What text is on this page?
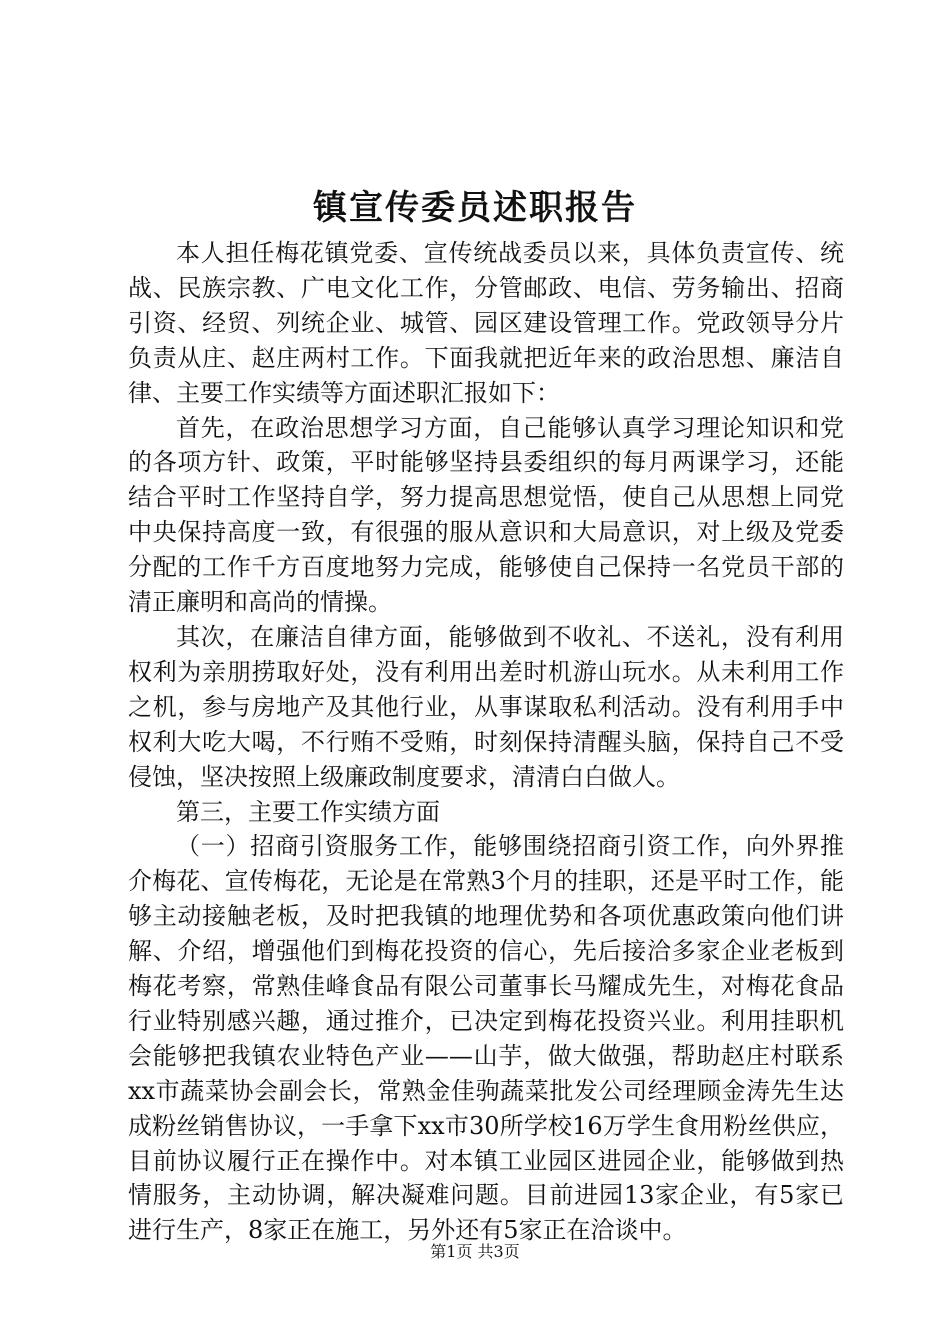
镇宣传委员述职报告

本人担任梅花镇党委、宣传统战委员以来，具体负责宣传、统战、民族宗教、广电文化工作，分管邮政、电信、劳务输出、招商引资、经贸、列统企业、城管、园区建设管理工作。党政领导分片负责从庄、赵庄两村工作。下面我就把近年来的政治思想、廉洁自律、主要工作实绩等方面述职汇报如下：

首先，在政治思想学习方面，自己能够认真学习理论知识和党的各项方针、政策，平时能够坚持县委组织的每月两课学习，还能结合平时工作坚持自学，努力提高思想觉悟，使自己从思想上同党中央保持高度一致，有很强的服从意识和大局意识，对上级及党委分配的工作千方百度地努力完成，能够使自己保持一名党员干部的清正廉明和高尚的情操。

其次，在廉洁自律方面，能够做到不收礼、不送礼，没有利用权利为亲朋捞取好处，没有利用出差时机游山玩水。从未利用工作之机，参与房地产及其他行业，从事谋取私利活动。没有利用手中权利大吃大喝，不行贿不受贿，时刻保持清醒头脑，保持自己不受侵蚀，坚决按照上级廉政制度要求，清清白白做人。

第三，主要工作实绩方面

（一）招商引资服务工作，能够围绕招商引资工作，向外界推介梅花、宣传梅花，无论是在常熟3个月的挂职，还是平时工作，能够主动接触老板，及时把我镇的地理优势和各项优惠政策向他们讲解、介绍，增强他们到梅花投资的信心，先后接洽多家企业老板到梅花考察，常熟佳峰食品有限公司董事长马耀成先生，对梅花食品行业特别感兴趣，通过推介，已决定到梅花投资兴业。利用挂职机会能够把我镇农业特色产业——山芋，做大做强，帮助赵庄村联系xx市蔬菜协会副会长，常熟金佳驹蔬菜批发公司经理顾金涛先生达成粉丝销售协议，一手拿下xx市30所学校16万学生食用粉丝供应，目前协议履行正在操作中。对本镇工业园区进园企业，能够做到热情服务，主动协调，解决凝难问题。目前进园13家企业，有5家已进行生产，8家正在施工，另外还有5家正在洽谈中。

第1页 共3页
